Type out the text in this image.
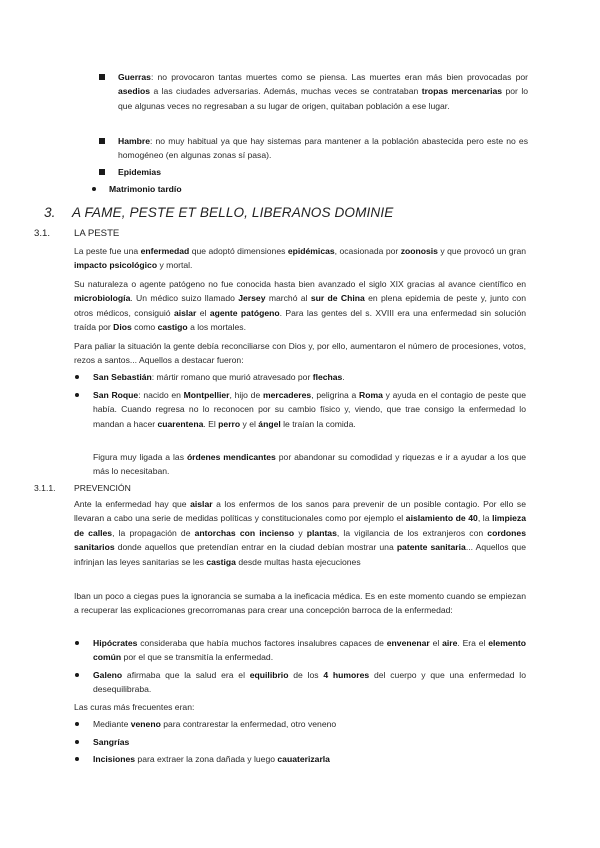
Guerras: no provocaron tantas muertes como se piensa. Las muertes eran más bien provocadas por asedios a las ciudades adversarias. Además, muchas veces se contrataban tropas mercenarias por lo que algunas veces no regresaban a su lugar de origen, quitaban población a ese lugar.

Hambre: no muy habitual ya que hay sistemas para mantener a la población abastecida pero este no es homogéneo (en algunas zonas sí pasa).

Epidemias
Matrimonio tardío
3. A FAME, PESTE ET BELLO, LIBERANOS DOMINIE
3.1. LA PESTE

La peste fue una enfermedad que adoptó dimensiones epidémicas, ocasionada por zoonosis y que provocó un gran impacto psicológico y mortal.

Su naturaleza o agente patógeno no fue conocida hasta bien avanzado el siglo XIX gracias al avance científico en microbiología. Un médico suizo llamado Jersey marchó al sur de China en plena epidemia de peste y, junto con otros médicos, consiguió aislar el agente patógeno. Para las gentes del s. XVIII era una enfermedad sin solución traída por Dios como castigo a los mortales.

Para paliar la situación la gente debía reconciliarse con Dios y, por ello, aumentaron el número de procesiones, votos, rezos a santos... Aquellos a destacar fueron:

San Sebastián: mártir romano que murió atravesado por flechas.

San Roque: nacido en Montpellier, hijo de mercaderes, peligrina a Roma y ayuda en el contagio de peste que había. Cuando regresa no lo reconocen por su cambio físico y, viendo, que trae consigo la enfermedad lo mandan a hacer cuarentena. El perro y el ángel le traían la comida.

Figura muy ligada a las órdenes mendicantes por abandonar su comodidad y riquezas e ir a ayudar a los que más lo necesitaban.

3.1.1. PREVENCIÓN

Ante la enfermedad hay que aislar a los enfermos de los sanos para prevenir de un posible contagio. Por ello se llevaran a cabo una serie de medidas políticas y constitucionales como por ejemplo el aislamiento de 40, la limpieza de calles, la propagación de antorchas con incienso y plantas, la vigilancia de los extranjeros con cordones sanitarios donde aquellos que pretendían entrar en la ciudad debían mostrar una patente sanitaria... Aquellos que infrinjan las leyes sanitarias se les castiga desde multas hasta ejecuciones

Iban un poco a ciegas pues la ignorancia se sumaba a la ineficacia médica. Es en este momento cuando se empiezan a recuperar las explicaciones grecorromanas para crear una concepción barroca de la enfermedad:

Hipócrates consideraba que había muchos factores insalubres capaces de envenenar el aire. Era el elemento común por el que se transmitía la enfermedad.

Galeno afirmaba que la salud era el equilibrio de los 4 humores del cuerpo y que una enfermedad lo desequilibraba.

Las curas más frecuentes eran:

Mediante veneno para contrarestar la enfermedad, otro veneno
Sangrías
Incisiones para extraer la zona dañada y luego cauaterizarla
